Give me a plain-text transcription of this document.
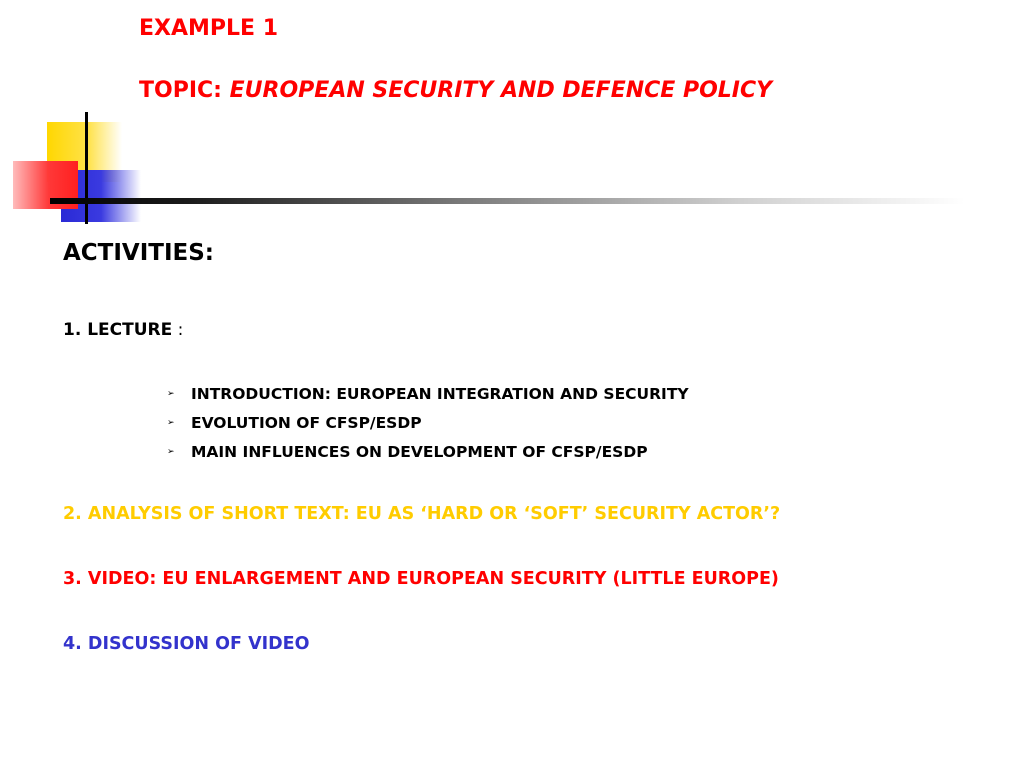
EXAMPLE 1
TOPIC: EUROPEAN SECURITY AND DEFENCE POLICY
ACTIVITIES:
1. LECTURE :
➢ INTRODUCTION: EUROPEAN INTEGRATION AND SECURITY
➢ EVOLUTION OF CFSP/ESDP
➢ MAIN INFLUENCES ON DEVELOPMENT OF CFSP/ESDP
2. ANALYSIS OF SHORT TEXT: EU AS ‘HARD OR ‘SOFT’ SECURITY ACTOR’?
3. VIDEO: EU ENLARGEMENT AND EUROPEAN SECURITY (LITTLE EUROPE)
4. DISCUSSION OF VIDEO
